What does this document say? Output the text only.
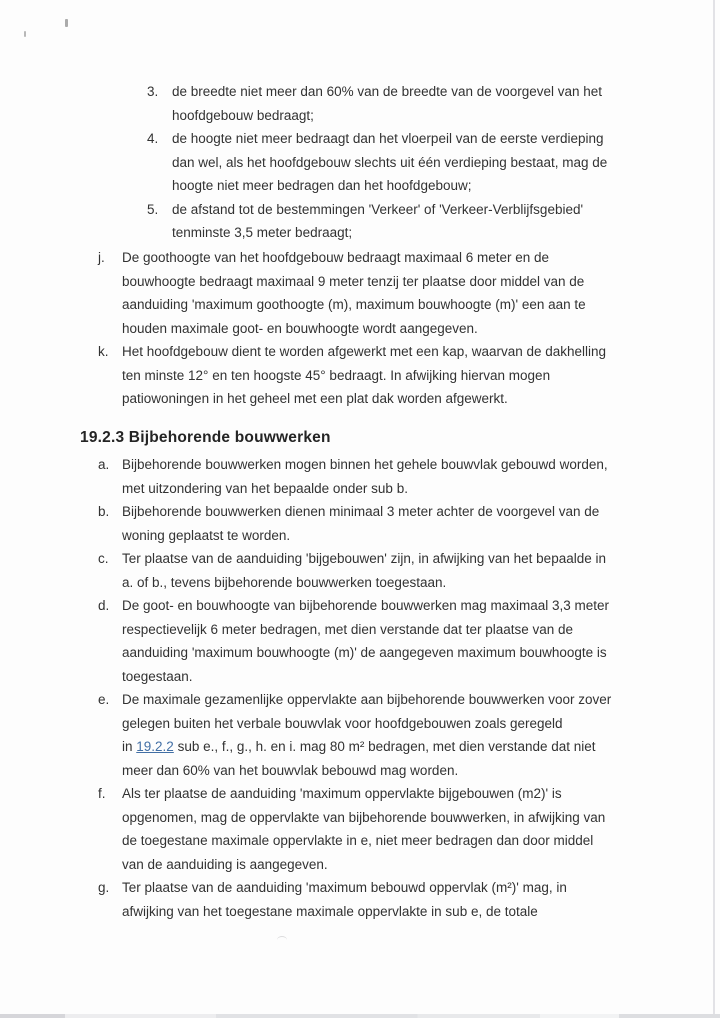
3.	de breedte niet meer dan 60% van de breedte van de voorgevel van het
hoofdgebouw bedraagt;
4.	de hoogte niet meer bedraagt dan het vloerpeil van de eerste verdieping
dan wel, als het hoofdgebouw slechts uit één verdieping bestaat, mag de
hoogte niet meer bedragen dan het hoofdgebouw;
5.	de afstand tot de bestemmingen 'Verkeer' of 'Verkeer-Verblijfsgebied'
tenminste 3,5 meter bedraagt;
j.	De goothoogte van het hoofdgebouw bedraagt maximaal 6 meter en de
bouwhoogte bedraagt maximaal 9 meter tenzij ter plaatse door middel van de
aanduiding 'maximum goothoogte (m), maximum bouwhoogte (m)' een aan te
houden maximale goot- en bouwhoogte wordt aangegeven.
k. Het hoofdgebouw dient te worden afgewerkt met een kap, waarvan de dakhelling
ten minste 12° en ten hoogste 45° bedraagt. In afwijking hiervan mogen
patiowoningen in het geheel met een plat dak worden afgewerkt.
19.2.3 Bijbehorende bouwwerken
a. Bijbehorende bouwwerken mogen binnen het gehele bouwvlak gebouwd worden,
met uitzondering van het bepaalde onder sub b.
b. Bijbehorende bouwwerken dienen minimaal 3 meter achter de voorgevel van de
woning geplaatst te worden.
c. Ter plaatse van de aanduiding 'bijgebouwen' zijn, in afwijking van het bepaalde in
a. of b., tevens bijbehorende bouwwerken toegestaan.
d. De goot- en bouwhoogte van bijbehorende bouwwerken mag maximaal 3,3 meter
respectievelijk 6 meter bedragen, met dien verstande dat ter plaatse van de
aanduiding 'maximum bouwhoogte (m)' de aangegeven maximum bouwhoogte is
toegestaan.
e. De maximale gezamenlijke oppervlakte aan bijbehorende bouwwerken voor zover
gelegen buiten het verbale bouwvlak voor hoofdgebouwen zoals geregeld
in 19.2.2 sub e., f., g., h. en i. mag 80 m² bedragen, met dien verstande dat niet
meer dan 60% van het bouwvlak bebouwd mag worden.
f.	Als ter plaatse de aanduiding 'maximum oppervlakte bijgebouwen (m2)' is
opgenomen, mag de oppervlakte van bijbehorende bouwwerken, in afwijking van
de toegestane maximale oppervlakte in e, niet meer bedragen dan door middel
van de aanduiding is aangegeven.
g. Ter plaatse van de aanduiding 'maximum bebouwd oppervlak (m²)' mag, in
afwijking van het toegestane maximale oppervlakte in sub e, de totale
